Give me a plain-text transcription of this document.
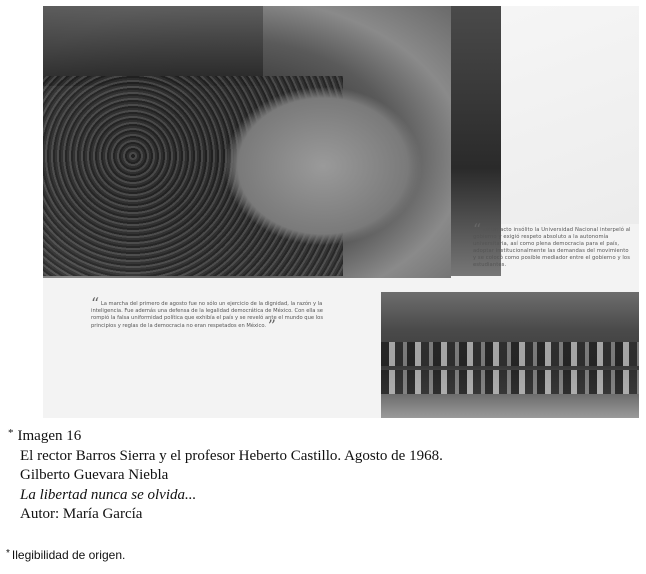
“ En un acto insólito la Universidad Nacional interpeló al gobierno y exigió respeto absoluto a la autonomía universitaria, así como plena democracia para el país, adoptar institucionalmente las demandas del movimiento y se colocó como posible mediador entre el gobierno y los estudiantes.
“ La marcha del primero de agosto fue no sólo un ejercicio de la dignidad, la razón y la inteligencia. Fue además una defensa de la legalidad democrática de México. Con ella se rompió la falsa uniformidad política que exhibía el país y se reveló ante el mundo que los principios y reglas de la democracia no eran respetados en México. ”
* Imagen 16
El rector Barros Sierra y el profesor Heberto Castillo. Agosto de 1968.
Gilberto Guevara Niebla
La libertad nunca se olvida...
Autor: María García
* Ilegibilidad de origen.
